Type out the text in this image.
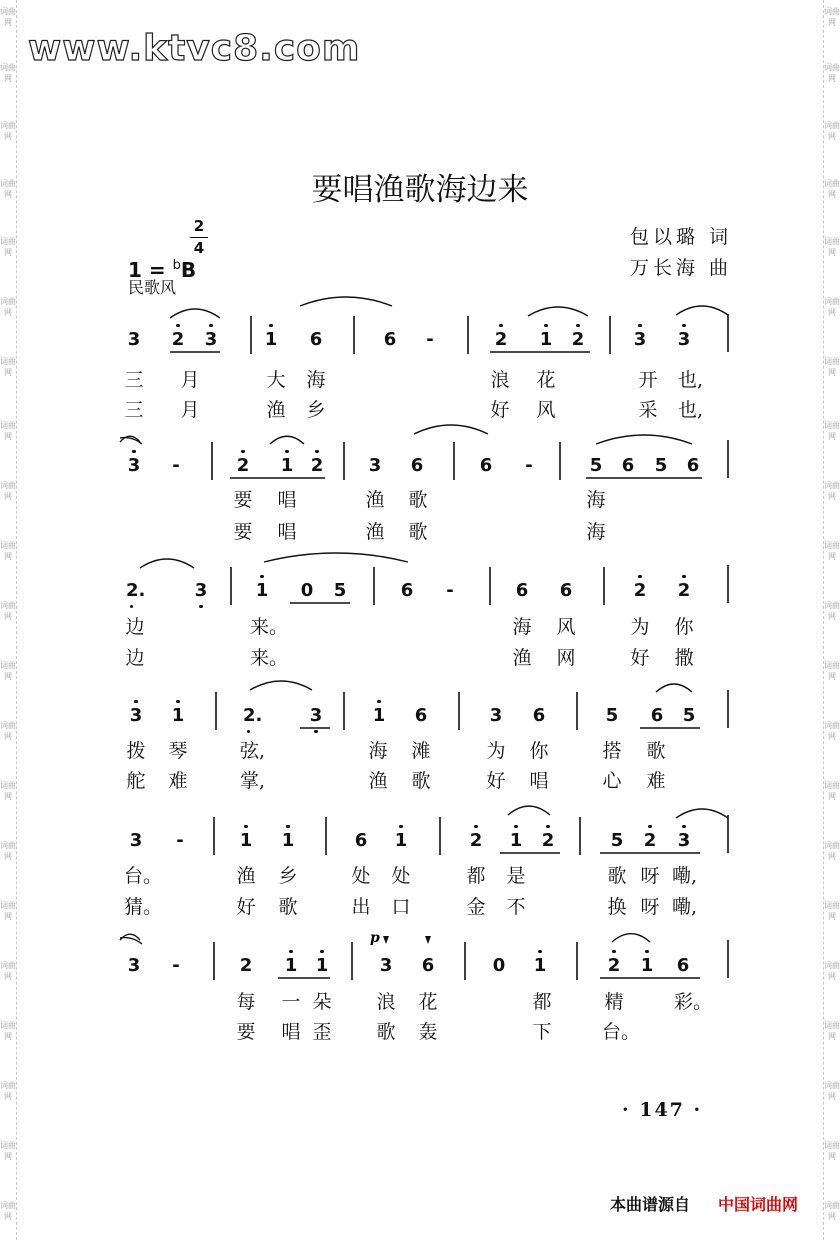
词曲网
词曲网
词曲网
词曲网
词曲网
词曲网
词曲网
词曲网
词曲网
词曲网
词曲网
词曲网
词曲网
词曲网
词曲网
词曲网
词曲网
词曲网
词曲网
词曲网
词曲网
词曲网
词曲网
词曲网
词曲网
词曲网
词曲网
词曲网
词曲网
词曲网
词曲网
词曲网
词曲网
词曲网
词曲网
词曲网
词曲网
词曲网
词曲网
词曲网
词曲网
词曲网
www.ktvc8.com
要唱渔歌海边来
1 = $^b$B
2
4
民歌风
包以璐 词
万长海 曲
3 2 3	1 6	6 -	2 1 2	3 3
三 月	大 海	浪 花	开 也,
三 月	渔 乡	好 风	采 也,
3 -	2 1 2	3 6	6 -	5 6 5 6
要 唱	渔 歌	海
要 唱	渔 歌	海
2.	3	1 0 5	6 -	6 6	2 2
边	来。	海 风	为 你
边	来。	渔 网	好 撒
3 1	2.	3	1 6	3 6	5 6 5
拨 琴	弦,	海 滩	为 你	搭 歌
舵 难	掌,	渔 歌	好 唱	心 难
3 -	1 1	6 1	2 1 2	5 2 3
台。	渔 乡	处 处	都 是	歌 呀 嘞,
猜。	好 歌	出 口	金 不	换 呀 嘞,
3 -	2 1 1	3 6	0 1	2 1 6
每 一 朵 浪 花	都	精	彩。
要 唱 歪 歌 轰	下	台。
p
· 147 ·
本曲谱源自 中国词曲网
